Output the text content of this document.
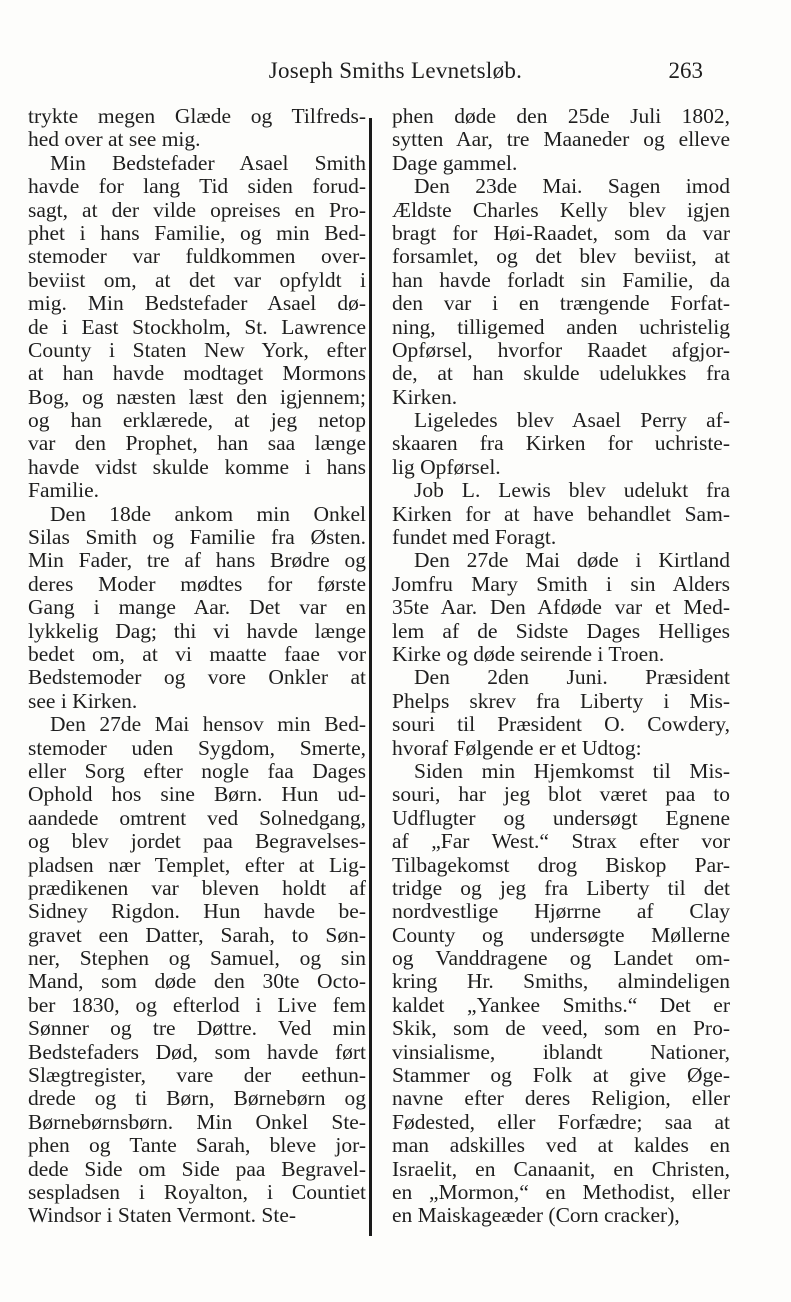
Joseph Smiths Levnetsløb.	263
trykte megen Glæde og Tilfreds-
hed over at see mig.
Min Bedstefader Asael Smith
havde for lang Tid siden forud-
sagt, at der vilde opreises en Pro-
phet i hans Familie, og min Bed-
stemoder var fuldkommen over-
beviist om, at det var opfyldt i
mig. Min Bedstefader Asael dø-
de i East Stockholm, St. Lawrence
County i Staten New York, efter
at han havde modtaget Mormons
Bog, og næsten læst den igjennem;
og han erklærede, at jeg netop
var den Prophet, han saa længe
havde vidst skulde komme i hans
Familie.
Den 18de ankom min Onkel
Silas Smith og Familie fra Østen.
Min Fader, tre af hans Brødre og
deres Moder mødtes for første
Gang i mange Aar. Det var en
lykkelig Dag; thi vi havde længe
bedet om, at vi maatte faae vor
Bedstemoder og vore Onkler at
see i Kirken.
Den 27de Mai hensov min Bed-
stemoder uden Sygdom, Smerte,
eller Sorg efter nogle faa Dages
Ophold hos sine Børn. Hun ud-
aandede omtrent ved Solnedgang,
og blev jordet paa Begravelses-
pladsen nær Templet, efter at Lig-
prædikenen var bleven holdt af
Sidney Rigdon. Hun havde be-
gravet een Datter, Sarah, to Søn-
ner, Stephen og Samuel, og sin
Mand, som døde den 30te Octo-
ber 1830, og efterlod i Live fem
Sønner og tre Døttre. Ved min
Bedstefaders Død, som havde ført
Slægtregister, vare der eethun-
drede og ti Børn, Børnebørn og
Børnebørnsbørn. Min Onkel Ste-
phen og Tante Sarah, bleve jor-
dede Side om Side paa Begravel-
sespladsen i Royalton, i Countiet
Windsor i Staten Vermont. Ste-
phen døde den 25de Juli 1802,
sytten Aar, tre Maaneder og elleve
Dage gammel.
Den 23de Mai. Sagen imod
Ældste Charles Kelly blev igjen
bragt for Høi-Raadet, som da var
forsamlet, og det blev beviist, at
han havde forladt sin Familie, da
den var i en trængende Forfat-
ning, tilligemed anden uchristelig
Opførsel, hvorfor Raadet afgjor-
de, at han skulde udelukkes fra
Kirken.
Ligeledes blev Asael Perry af-
skaaren fra Kirken for uchriste-
lig Opførsel.
Job L. Lewis blev udelukt fra
Kirken for at have behandlet Sam-
fundet med Foragt.
Den 27de Mai døde i Kirtland
Jomfru Mary Smith i sin Alders
35te Aar. Den Afdøde var et Med-
lem af de Sidste Dages Helliges
Kirke og døde seirende i Troen.
Den 2den Juni. Præsident
Phelps skrev fra Liberty i Mis-
souri til Præsident O. Cowdery,
hvoraf Følgende er et Udtog:
Siden min Hjemkomst til Mis-
souri, har jeg blot været paa to
Udflugter og undersøgt Egnene
af „Far West.“ Strax efter vor
Tilbagekomst drog Biskop Par-
tridge og jeg fra Liberty til det
nordvestlige Hjørrne af Clay
County og undersøgte Møllerne
og Vanddragene og Landet om-
kring Hr. Smiths, almindeligen
kaldet „Yankee Smiths.“ Det er
Skik, som de veed, som en Pro-
vinsialisme, iblandt Nationer,
Stammer og Folk at give Øge-
navne efter deres Religion, eller
Fødested, eller Forfædre; saa at
man adskilles ved at kaldes en
Israelit, en Canaanit, en Christen,
en „Mormon,“ en Methodist, eller
en Maiskageæder (Corn cracker),
